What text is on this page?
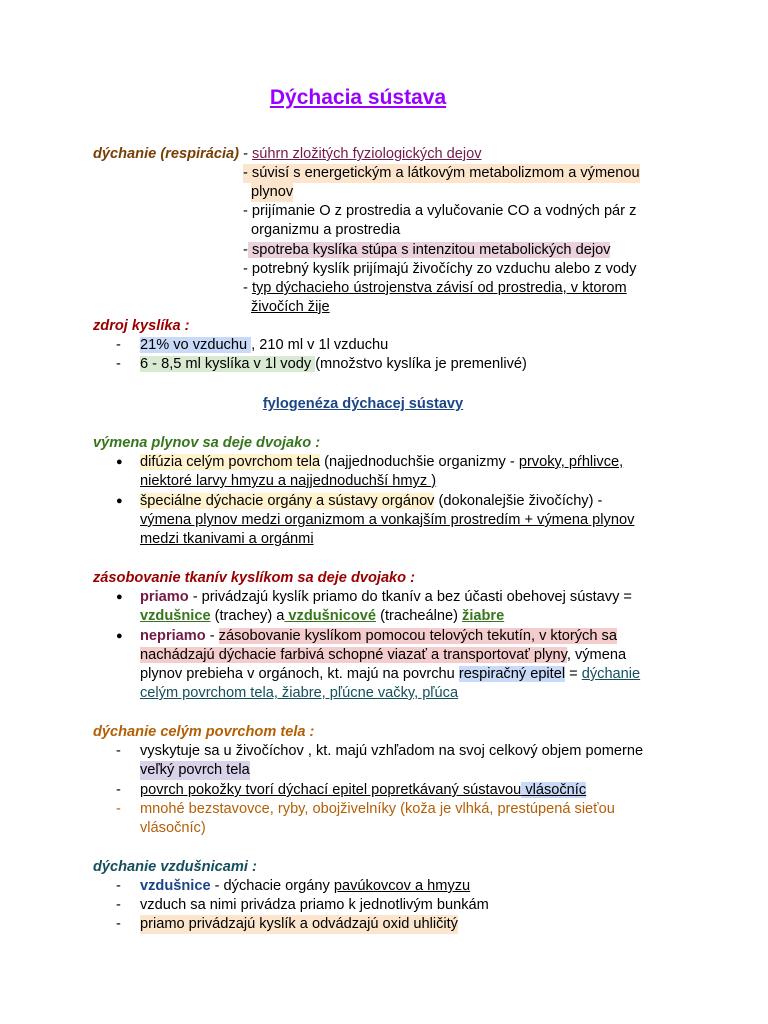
Dýchacia sústava
dýchanie (respirácia) - súhrn zložitých fyziologických dejov
- súvisí s energetickým a látkovým metabolizmom a výmenou
plynov
- prijímanie O z prostredia a vylučovanie CO a vodných pár z
organizmu a prostredia
- spotreba kyslíka stúpa s intenzitou metabolických dejov
- potrebný kyslík prijímajú živočíchy zo vzduchu alebo z vody
- typ dýchacieho ústrojenstva závisí od prostredia, v ktorom
živočích žije
zdroj kyslíka :
- 21% vo vzduchu , 210 ml v 1l vzduchu
- 6 - 8,5 ml kyslíka v 1l vody (množstvo kyslíka je premenlivé)
fylogenéza dýchacej sústavy
výmena plynov sa deje dvojako :
● difúzia celým povrchom tela (najjednoduchšie organizmy - prvoky, pŕhlivce,
niektoré larvy hmyzu a najjednoduchší hmyz )
● špeciálne dýchacie orgány a sústavy orgánov (dokonalejšie živočíchy) -
výmena plynov medzi organizmom a vonkajším prostredím + výmena plynov
medzi tkanivami a orgánmi
zásobovanie tkanív kyslíkom sa deje dvojako :
● priamo - privádzajú kyslík priamo do tkanív a bez účasti obehovej sústavy =
vzdušnice (trachey) a vzdušnicové (tracheálne) žiabre
● nepriamo - zásobovanie kyslíkom pomocou telových tekutín, v ktorých sa
nachádzajú dýchacie farbivá schopné viazať a transportovať plyny, výmena
plynov prebieha v orgánoch, kt. majú na povrchu respiračný epitel = dýchanie
celým povrchom tela, žiabre, pľúcne vačky, pľúca
dýchanie celým povrchom tela :
- vyskytuje sa u živočíchov , kt. majú vzhľadom na svoj celkový objem pomerne
veľký povrch tela
- povrch pokožky tvorí dýchací epitel popretkávaný sústavou vlásočníc
- mnohé bezstavovce, ryby, obojživelníky (koža je vlhká, prestúpená sieťou
vlásočníc)
dýchanie vzdušnicami :
- vzdušnice - dýchacie orgány pavúkovcov a hmyzu
- vzduch sa nimi privádza priamo k jednotlivým bunkám
- priamo privádzajú kyslík a odvádzajú oxid uhličitý
